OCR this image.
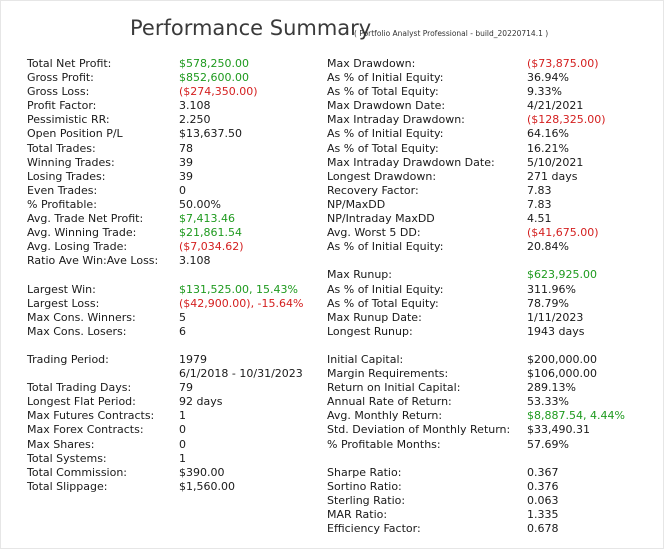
Performance Summary
( Portfolio Analyst Professional - build_20220714.1 )
Total Net Profit:	$578,250.00
Gross Profit:	$852,600.00
Gross Loss:	($274,350.00)
Profit Factor:	3.108
Pessimistic RR:	2.250
Open Position P/L	$13,637.50
Total Trades:	78
Winning Trades:	39
Losing Trades:	39
Even Trades:	0
% Profitable:	50.00%
Avg. Trade Net Profit:	$7,413.46
Avg. Winning Trade:	$21,861.54
Avg. Losing Trade:	($7,034.62)
Ratio Ave Win:Ave Loss: 3.108
Largest Win:	$131,525.00, 15.43%
Largest Loss:	($42,900.00), -15.64%
Max Cons. Winners:	5
Max Cons. Losers:	6
Trading Period:	1979
6/1/2018 - 10/31/2023
Total Trading Days:	79
Longest Flat Period:	92 days
Max Futures Contracts: 1
Max Forex Contracts:	0
Max Shares:	0
Total Systems:	1
Total Commission:	$390.00
Total Slippage:	$1,560.00
Max Drawdown:	($73,875.00)
As % of Initial Equity:	36.94%
As % of Total Equity:	9.33%
Max Drawdown Date:	4/21/2021
Max Intraday Drawdown:	($128,325.00)
As % of Initial Equity:	64.16%
As % of Total Equity:	16.21%
Max Intraday Drawdown Date:	5/10/2021
Longest Drawdown:	271 days
Recovery Factor:	7.83
NP/MaxDD	7.83
NP/Intraday MaxDD	4.51
Avg. Worst 5 DD:	($41,675.00)
As % of Initial Equity:	20.84%
Max Runup:	$623,925.00
As % of Initial Equity:	311.96%
As % of Total Equity:	78.79%
Max Runup Date:	1/11/2023
Longest Runup:	1943 days
Initial Capital:	$200,000.00
Margin Requirements:	$106,000.00
Return on Initial Capital:	289.13%
Annual Rate of Return:	53.33%
Avg. Monthly Return:	$8,887.54, 4.44%
Std. Deviation of Monthly Return: $33,490.31
% Profitable Months:	57.69%
Sharpe Ratio:	0.367
Sortino Ratio:	0.376
Sterling Ratio:	0.063
MAR Ratio:	1.335
Efficiency Factor:	0.678
